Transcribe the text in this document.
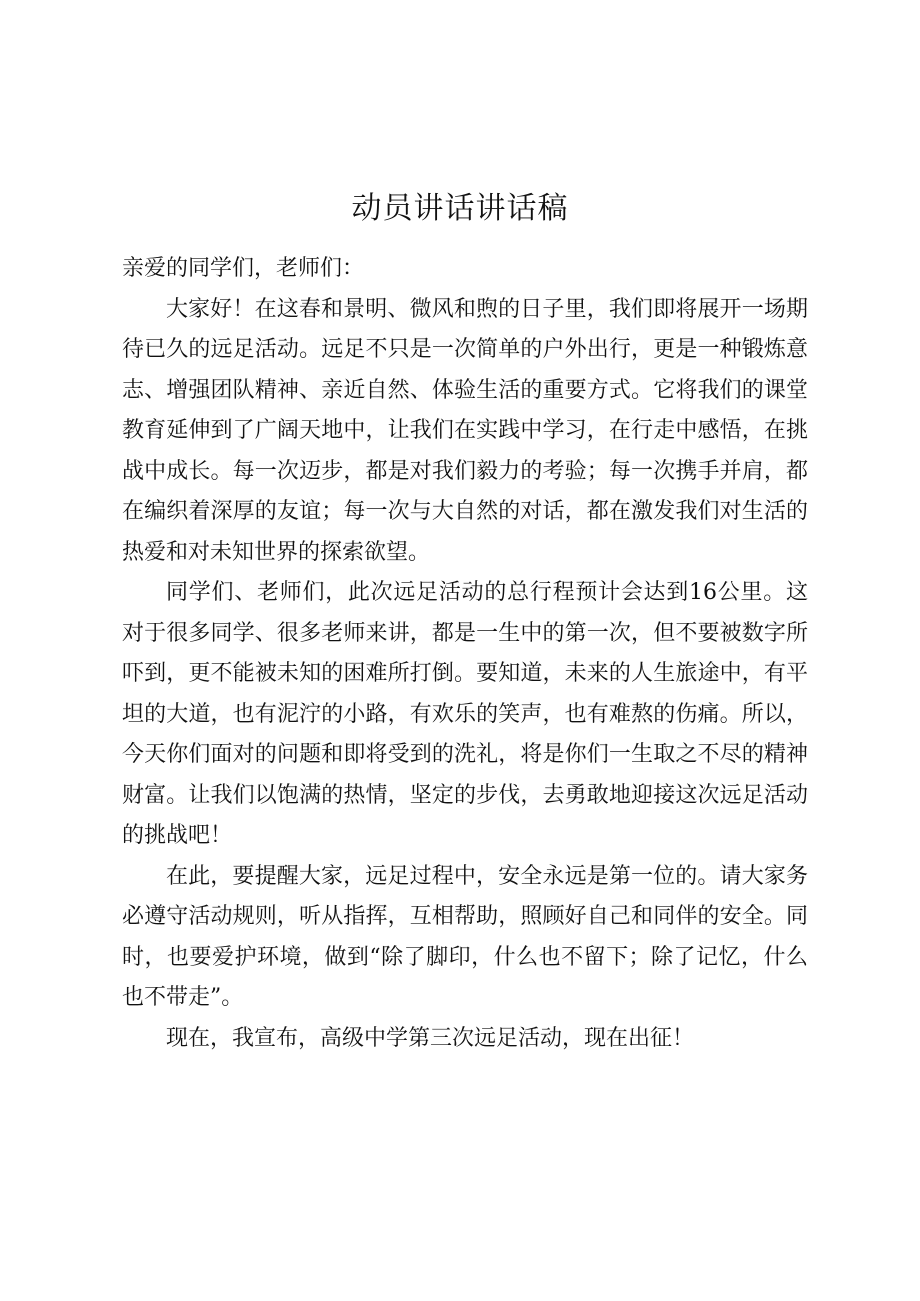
动员讲话讲话稿

亲爱的同学们，老师们：

大家好！在这春和景明、微风和煦的日子里，我们即将展开一场期待已久的远足活动。远足不只是一次简单的户外出行，更是一种锻炼意志、增强团队精神、亲近自然、体验生活的重要方式。它将我们的课堂教育延伸到了广阔天地中，让我们在实践中学习，在行走中感悟，在挑战中成长。每一次迈步，都是对我们毅力的考验；每一次携手并肩，都在编织着深厚的友谊；每一次与大自然的对话，都在激发我们对生活的热爱和对未知世界的探索欲望。

同学们、老师们，此次远足活动的总行程预计会达到16公里。这对于很多同学、很多老师来讲，都是一生中的第一次，但不要被数字所吓到，更不能被未知的困难所打倒。要知道，未来的人生旅途中，有平坦的大道，也有泥泞的小路，有欢乐的笑声，也有难熬的伤痛。所以，今天你们面对的问题和即将受到的洗礼，将是你们一生取之不尽的精神财富。让我们以饱满的热情，坚定的步伐，去勇敢地迎接这次远足活动的挑战吧！

在此，要提醒大家，远足过程中，安全永远是第一位的。请大家务必遵守活动规则，听从指挥，互相帮助，照顾好自己和同伴的安全。同时，也要爱护环境，做到“除了脚印，什么也不留下；除了记忆，什么也不带走”。

现在，我宣布，高级中学第三次远足活动，现在出征！
